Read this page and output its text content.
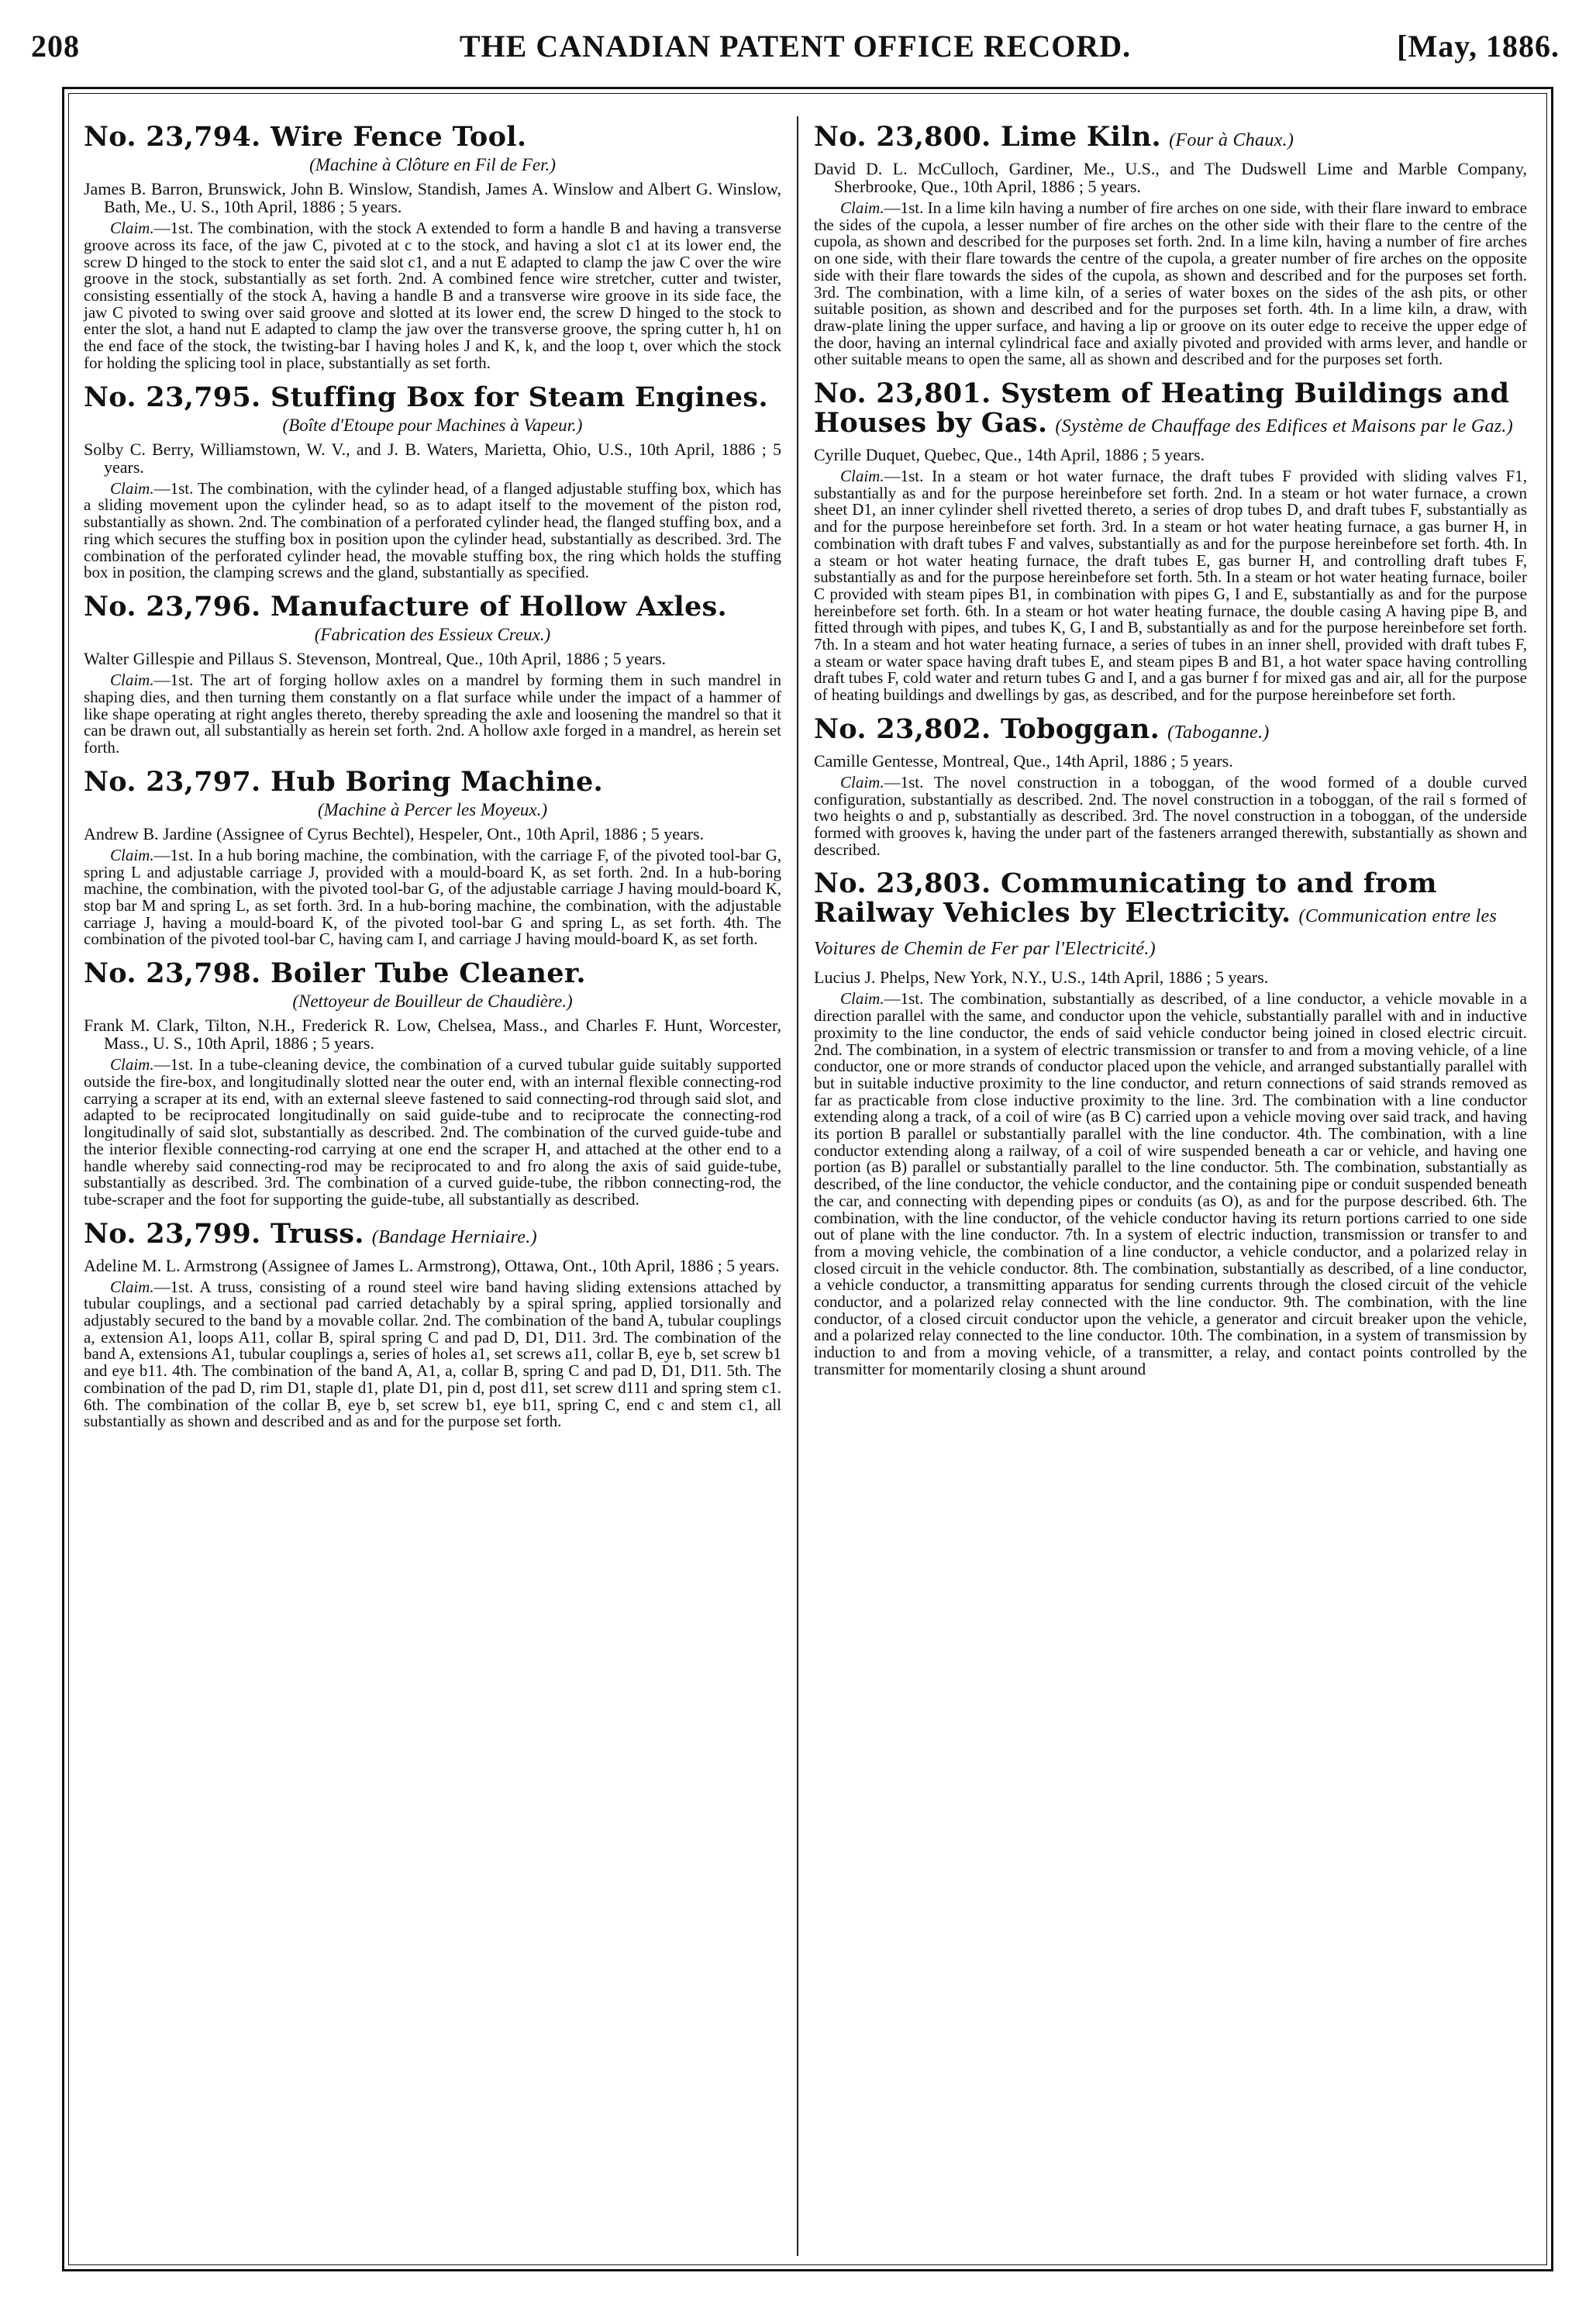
208	THE CANADIAN PATENT OFFICE RECORD.	[May, 1886.
No. 23,794. Wire Fence Tool.
(Machine à Clôture en Fil de Fer.)
James B. Barron, Brunswick, John B. Winslow, Standish, James A. Winslow and Albert G. Winslow, Bath, Me., U. S., 10th April, 1886 ; 5 years.
Claim.—1st. The combination, with the stock A extended to form a handle B and having a transverse groove across its face, of the jaw C, pivoted at c to the stock, and having a slot c1 at its lower end, the screw D hinged to the stock to enter the said slot c1, and a nut E adapted to clamp the jaw C over the wire groove in the stock, substantially as set forth. 2nd. A combined fence wire stretcher, cutter and twister, consisting essentially of the stock A, having a handle B and a transverse wire groove in its side face, the jaw C pivoted to swing over said groove and slotted at its lower end, the screw D hinged to the stock to enter the slot, a hand nut E adapted to clamp the jaw over the transverse groove, the spring cutter h, h1 on the end face of the stock, the twisting-bar I having holes J and K, k, and the loop t, over which the stock for holding the splicing tool in place, substantially as set forth.
No. 23,795. Stuffing Box for Steam Engines.
(Boîte d'Etoupe pour Machines à Vapeur.)
Solby C. Berry, Williamstown, W. V., and J. B. Waters, Marietta, Ohio, U.S., 10th April, 1886 ; 5 years.
Claim.—1st. The combination, with the cylinder head, of a flanged adjustable stuffing box, which has a sliding movement upon the cylinder head, so as to adapt itself to the movement of the piston rod, substantially as shown. 2nd. The combination of a perforated cylinder head, the flanged stuffing box, and a ring which secures the stuffing box in position upon the cylinder head, substantially as described. 3rd. The combination of the perforated cylinder head, the movable stuffing box, the ring which holds the stuffing box in position, the clamping screws and the gland, substantially as specified.
No. 23,796. Manufacture of Hollow Axles.
(Fabrication des Essieux Creux.)
Walter Gillespie and Pillaus S. Stevenson, Montreal, Que., 10th April, 1886 ; 5 years.
Claim.—1st. The art of forging hollow axles on a mandrel by forming them in such mandrel in shaping dies, and then turning them constantly on a flat surface while under the impact of a hammer of like shape operating at right angles thereto, thereby spreading the axle and loosening the mandrel so that it can be drawn out, all substantially as herein set forth. 2nd. A hollow axle forged in a mandrel, as herein set forth.
No. 23,797. Hub Boring Machine.
(Machine à Percer les Moyeux.)
Andrew B. Jardine (Assignee of Cyrus Bechtel), Hespeler, Ont., 10th April, 1886 ; 5 years.
Claim.—1st. In a hub boring machine, the combination, with the carriage F, of the pivoted tool-bar G, spring L and adjustable carriage J, provided with a mould-board K, as set forth. 2nd. In a hub-boring machine, the combination, with the pivoted tool-bar G, of the adjustable carriage J having mould-board K, stop bar M and spring L, as set forth. 3rd. In a hub-boring machine, the combination, with the adjustable carriage J, having a mould-board K, of the pivoted tool-bar G and spring L, as set forth. 4th. The combination of the pivoted tool-bar C, having cam I, and carriage J having mould-board K, as set forth.
No. 23,798. Boiler Tube Cleaner.
(Nettoyeur de Bouilleur de Chaudière.)
Frank M. Clark, Tilton, N.H., Frederick R. Low, Chelsea, Mass., and Charles F. Hunt, Worcester, Mass., U. S., 10th April, 1886 ; 5 years.
Claim.—1st. In a tube-cleaning device, the combination of a curved tubular guide suitably supported outside the fire-box, and longitudinally slotted near the outer end, with an internal flexible connecting-rod carrying a scraper at its end, with an external sleeve fastened to said connecting-rod through said slot, and adapted to be reciprocated longitudinally on said guide-tube and to reciprocate the connecting-rod longitudinally of said slot, substantially as described. 2nd. The combination of the curved guide-tube and the interior flexible connecting-rod carrying at one end the scraper H, and attached at the other end to a handle whereby said connecting-rod may be reciprocated to and fro along the axis of said guide-tube, substantially as described. 3rd. The combination of a curved guide-tube, the ribbon connecting-rod, the tube-scraper and the foot for supporting the guide-tube, all substantially as described.
No. 23,799. Truss. (Bandage Herniaire.)
Adeline M. L. Armstrong (Assignee of James L. Armstrong), Ottawa, Ont., 10th April, 1886 ; 5 years.
Claim.—1st. A truss, consisting of a round steel wire band having sliding extensions attached by tubular couplings, and a sectional pad carried detachably by a spiral spring, applied torsionally and adjustably secured to the band by a movable collar. 2nd. The combination of the band A, tubular couplings a, extension A1, loops A11, collar B, spiral spring C and pad D, D1, D11. 3rd. The combination of the band A, extensions A1, tubular couplings a, series of holes a1, set screws a11, collar B, eye b, set screw b1 and eye b11. 4th. The combination of the band A, A1, a, collar B, spring C and pad D, D1, D11. 5th. The combination of the pad D, rim D1, staple d1, plate D1, pin d, post d11, set screw d111 and spring stem c1. 6th. The combination of the collar B, eye b, set screw b1, eye b11, spring C, end c and stem c1, all substantially as shown and described and as and for the purpose set forth.
No. 23,800. Lime Kiln. (Four à Chaux.)
David D. L. McCulloch, Gardiner, Me., U.S., and The Dudswell Lime and Marble Company, Sherbrooke, Que., 10th April, 1886 ; 5 years.
Claim.—1st. In a lime kiln having a number of fire arches on one side, with their flare inward to embrace the sides of the cupola, a lesser number of fire arches on the other side with their flare to the centre of the cupola, as shown and described for the purposes set forth. 2nd. In a lime kiln, having a number of fire arches on one side, with their flare towards the centre of the cupola, a greater number of fire arches on the opposite side with their flare towards the sides of the cupola, as shown and described and for the purposes set forth. 3rd. The combination, with a lime kiln, of a series of water boxes on the sides of the ash pits, or other suitable position, as shown and described and for the purposes set forth. 4th. In a lime kiln, a draw, with draw-plate lining the upper surface, and having a lip or groove on its outer edge to receive the upper edge of the door, having an internal cylindrical face and axially pivoted and provided with arms lever, and handle or other suitable means to open the same, all as shown and described and for the purposes set forth.
No. 23,801. System of Heating Buildings and Houses by Gas. (Système de Chauffage des Edifices et Maisons par le Gaz.)
Cyrille Duquet, Quebec, Que., 14th April, 1886 ; 5 years.
Claim.—1st. In a steam or hot water furnace, the draft tubes F provided with sliding valves F1, substantially as and for the purpose hereinbefore set forth. 2nd. In a steam or hot water furnace, a crown sheet D1, an inner cylinder shell rivetted thereto, a series of drop tubes D, and draft tubes F, substantially as and for the purpose hereinbefore set forth. 3rd. In a steam or hot water heating furnace, a gas burner H, in combination with draft tubes F and valves, substantially as and for the purpose hereinbefore set forth. 4th. In a steam or hot water heating furnace, the draft tubes E, gas burner H, and controlling draft tubes F, substantially as and for the purpose hereinbefore set forth. 5th. In a steam or hot water heating furnace, boiler C provided with steam pipes B1, in combination with pipes G, I and E, substantially as and for the purpose hereinbefore set forth. 6th. In a steam or hot water heating furnace, the double casing A having pipe B, and fitted through with pipes, and tubes K, G, I and B, substantially as and for the purpose hereinbefore set forth. 7th. In a steam and hot water heating furnace, a series of tubes in an inner shell, provided with draft tubes F, a steam or water space having draft tubes E, and steam pipes B and B1, a hot water space having controlling draft tubes F, cold water and return tubes G and I, and a gas burner f for mixed gas and air, all for the purpose of heating buildings and dwellings by gas, as described, and for the purpose hereinbefore set forth.
No. 23,802. Toboggan. (Taboganne.)
Camille Gentesse, Montreal, Que., 14th April, 1886 ; 5 years.
Claim.—1st. The novel construction in a toboggan, of the wood formed of a double curved configuration, substantially as described. 2nd. The novel construction in a toboggan, of the rail s formed of two heights o and p, substantially as described. 3rd. The novel construction in a toboggan, of the underside formed with grooves k, having the under part of the fasteners arranged therewith, substantially as shown and described.
No. 23,803. Communicating to and from Railway Vehicles by Electricity. (Communication entre les Voitures de Chemin de Fer par l'Electricité.)
Lucius J. Phelps, New York, N.Y., U.S., 14th April, 1886 ; 5 years.
Claim.—1st. The combination, substantially as described, of a line conductor, a vehicle movable in a direction parallel with the same, and conductor upon the vehicle, substantially parallel with and in inductive proximity to the line conductor, the ends of said vehicle conductor being joined in closed electric circuit. 2nd. The combination, in a system of electric transmission or transfer to and from a moving vehicle, of a line conductor, one or more strands of conductor placed upon the vehicle, and arranged substantially parallel with but in suitable inductive proximity to the line conductor, and return connections of said strands removed as far as practicable from close inductive proximity to the line. 3rd. The combination with a line conductor extending along a track, of a coil of wire (as B C) carried upon a vehicle moving over said track, and having its portion B parallel or substantially parallel with the line conductor. 4th. The combination, with a line conductor extending along a railway, of a coil of wire suspended beneath a car or vehicle, and having one portion (as B) parallel or substantially parallel to the line conductor. 5th. The combination, substantially as described, of the line conductor, the vehicle conductor, and the containing pipe or conduit suspended beneath the car, and connecting with depending pipes or conduits (as O), as and for the purpose described. 6th. The combination, with the line conductor, of the vehicle conductor having its return portions carried to one side out of plane with the line conductor. 7th. In a system of electric induction, transmission or transfer to and from a moving vehicle, the combination of a line conductor, a vehicle conductor, and a polarized relay in closed circuit in the vehicle conductor. 8th. The combination, substantially as described, of a line conductor, a vehicle conductor, a transmitting apparatus for sending currents through the closed circuit of the vehicle conductor, and a polarized relay connected with the line conductor. 9th. The combination, with the line conductor, of a closed circuit conductor upon the vehicle, a generator and circuit breaker upon the vehicle, and a polarized relay connected to the line conductor. 10th. The combination, in a system of transmission by induction to and from a moving vehicle, of a transmitter, a relay, and contact points controlled by the transmitter for momentarily closing a shunt around
